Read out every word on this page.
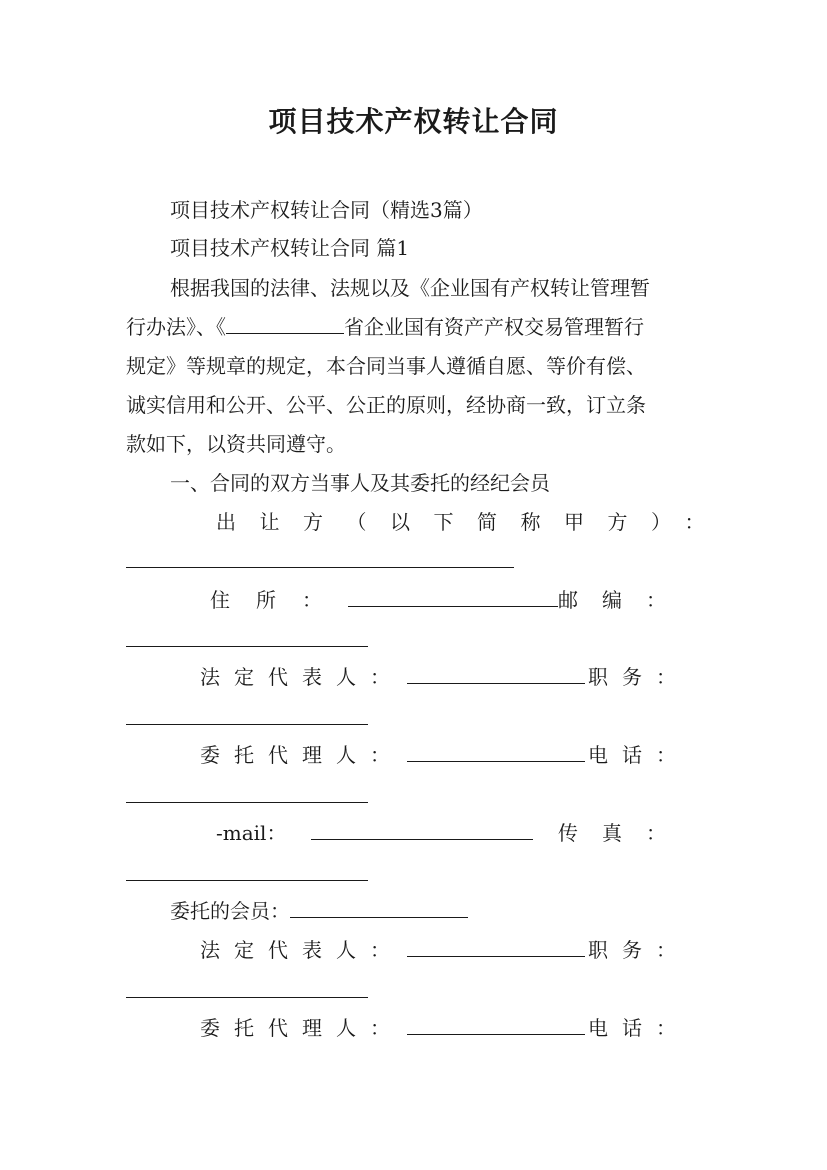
项目技术产权转让合同
项目技术产权转让合同（精选3篇）
项目技术产权转让合同 篇1
根据我国的法律、法规以及《企业国有产权转让管理暂
行办法》、《	省企业国有资产产权交易管理暂行
规定》等规章的规定，本合同当事人遵循自愿、等价有偿、
诚实信用和公开、公平、公正的原则，经协商一致，订立条
款如下，以资共同遵守。
一、合同的双方当事人及其委托的经纪会员
出让方（以下简称甲方）：
住所：	邮编：
法定代表人：	职务：
委托代理人：	电话：
-mail：	传真：
委托的会员：
法定代表人：	职务：
委托代理人：	电话：
